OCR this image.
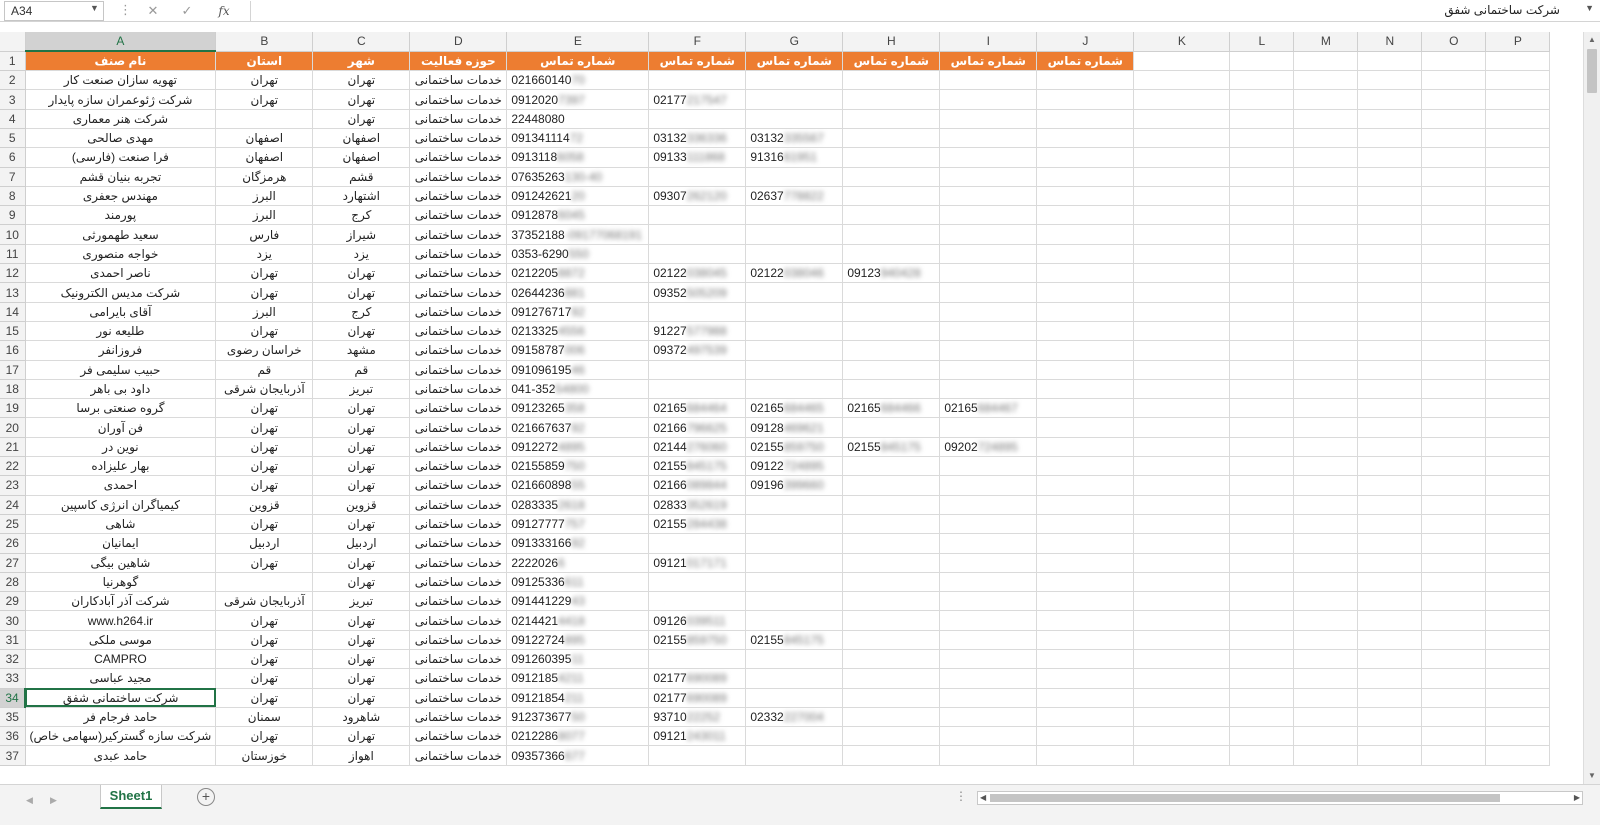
A34	▼ ⋮	✕	✓	fx	شرکت ساختمانی شفق	▼
	A	B	C	D	E	F	G	H	I	J	K	L	M	N	O	P
1	نام صنف	استان	شهر	حوزه فعالیت	شماره تماس	شماره تماس	شماره تماس	شماره تماس	شماره تماس	شماره تماس						
2	تهویه سازان صنعت کار	تهران	تهران	خدمات ساختمانی	02166014070											
3	شرکت ژئوعمران سازه پایدار	تهران	تهران	خدمات ساختمانی	09120207397	02177217547										
4	شرکت هنر معماری		تهران	خدمات ساختمانی	22448080											
5	مهدی صالحی	اصفهان	اصفهان	خدمات ساختمانی	09134111472	03132336336	03132335567									
6	فرا صنعت (فارسی)	اصفهان	اصفهان	خدمات ساختمانی	09131186058	09133111868	9131661951									
7	تجربه بنیان قشم	هرمزگان	قشم	خدمات ساختمانی	07635263130-40											
8	مهندس جعفری	البرز	اشتهارد	خدمات ساختمانی	09124262120	09307262120	02637778822									
9	پورمند	البرز	کرج	خدمات ساختمانی	09128786045											
10	سعید طهمورثی	فارس	شیراز	خدمات ساختمانی	37352188-09177068191											
11	خواجه منصوری	یزد	یزد	خدمات ساختمانی	0353-6290550											
12	ناصر احمدی	تهران	تهران	خدمات ساختمانی	02122058872	02122038045	02122038046	09123940428								
13	شرکت مدیس الکترونیک	تهران	تهران	خدمات ساختمانی	02644236881	09352505209										
14	آقای بایرامی	البرز	کرج	خدمات ساختمانی	09127671792											
15	طلیعه نور	تهران	تهران	خدمات ساختمانی	02133254556	91227577988										
16	فروزانفر	خراسان رضوی	مشهد	خدمات ساختمانی	09158787006	09372497539										
17	حبیب سلیمی فر	قم	قم	خدمات ساختمانی	09109619546											
18	داود بی باهر	آذربایجان شرقی	تبریز	خدمات ساختمانی	041-35254800											
19	گروه صنعتی برسا	تهران	تهران	خدمات ساختمانی	09123265358	02165684464	02165684465	02165684466	02165684467							
20	فن آوران	تهران	تهران	خدمات ساختمانی	02166763792	02166796625	09128469621									
21	نوین در	تهران	تهران	خدمات ساختمانی	09122724895	02144276060	02155859750	02155845175	09202724895							
22	بهار علیزاده	تهران	تهران	خدمات ساختمانی	02155859750	02155845175	09122724895									
23	احمدی	تهران	تهران	خدمات ساختمانی	02166089855	02166089844	09196399660									
24	کیمیاگران انرژی کاسپین	قزوین	قزوین	خدمات ساختمانی	02833352618	02833352619										
25	شاهی	تهران	تهران	خدمات ساختمانی	09127777757	02155284438										
26	ایمانیان	اردبیل	اردبیل	خدمات ساختمانی	09133316692											
27	شاهین بیگی	تهران	تهران	خدمات ساختمانی	22220266	09121017171										
28	گوهرنیا		تهران	خدمات ساختمانی	09125336611											
29	شرکت آذر آبادکاران	آذربایجان شرقی	تبریز	خدمات ساختمانی	09144122943											
30	www.h264.ir	تهران	تهران	خدمات ساختمانی	02144214418	09126039511										
31	موسی ملکی	تهران	تهران	خدمات ساختمانی	09122724895	02155859750	02155845175									
32	CAMPRO	تهران	تهران	خدمات ساختمانی	09126039511											
33	مجید عباسی	تهران	تهران	خدمات ساختمانی	09121854211	02177690089										
34	شرکت ساختمانی شفق	تهران	تهران	خدمات ساختمانی	09121854211	02177690089										
35	حامد فرجام فر	سمنان	شاهرود	خدمات ساختمانی	91237367750	9371022252	02332227004									
36	شرکت سازه گسترکیر(سهامی خاص)	تهران	تهران	خدمات ساختمانی	02122868077	09121243011										
37	حامد عبدی	خوزستان	اهواز	خدمات ساختمانی	09357366677											
▲
▼
◀ ▶	Sheet1	+	⋮ ◀	▶
